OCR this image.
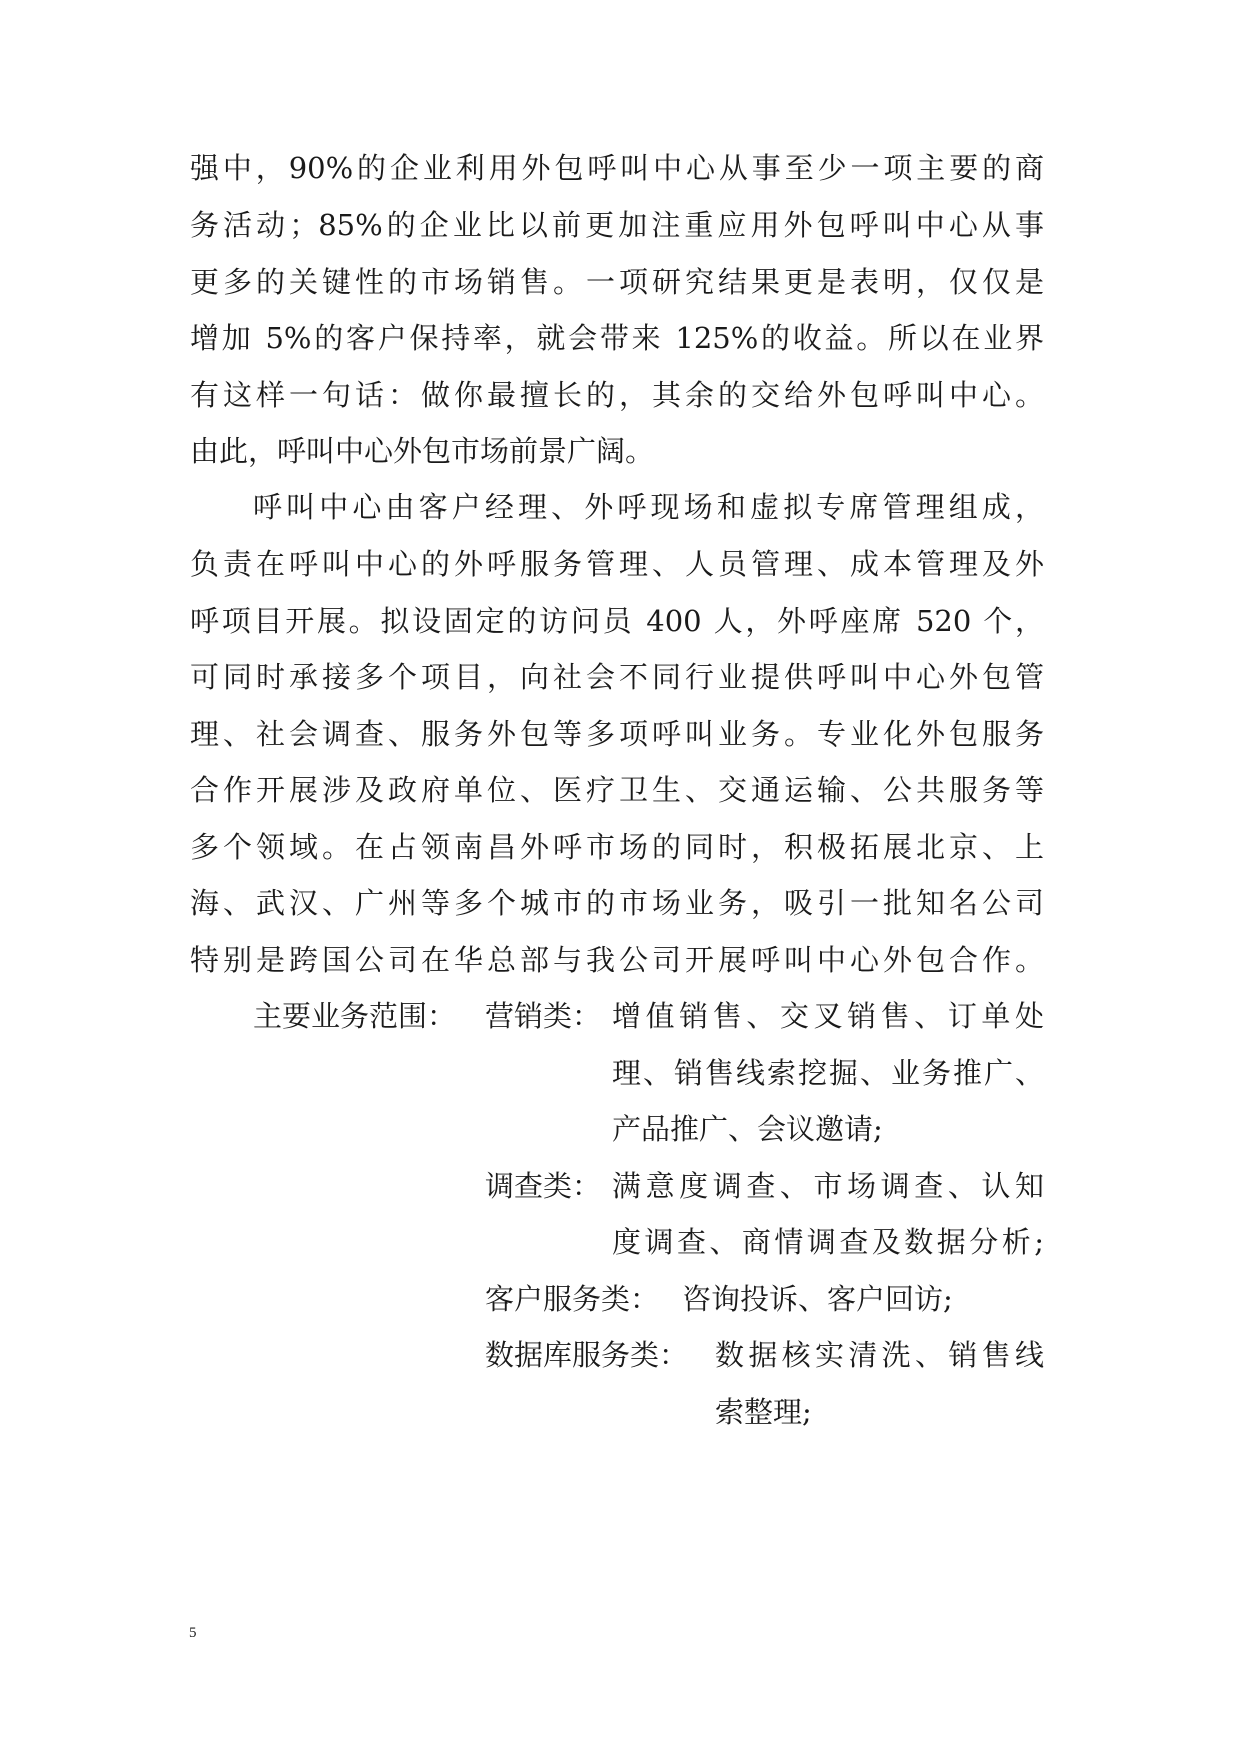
强中，90%的企业利用外包呼叫中心从事至少一项主要的商
务活动；85%的企业比以前更加注重应用外包呼叫中心从事
更多的关键性的市场销售。一项研究结果更是表明，仅仅是
增加 5%的客户保持率，就会带来 125%的收益。所以在业界
有这样一句话：做你最擅长的，其余的交给外包呼叫中心。
由此，呼叫中心外包市场前景广阔。
呼叫中心由客户经理、外呼现场和虚拟专席管理组成，
负责在呼叫中心的外呼服务管理、人员管理、成本管理及外
呼项目开展。拟设固定的访问员 400 人，外呼座席 520 个，
可同时承接多个项目，向社会不同行业提供呼叫中心外包管
理、社会调查、服务外包等多项呼叫业务。专业化外包服务
合作开展涉及政府单位、医疗卫生、交通运输、公共服务等
多个领域。在占领南昌外呼市场的同时，积极拓展北京、上
海、武汉、广州等多个城市的市场业务，吸引一批知名公司
特别是跨国公司在华总部与我公司开展呼叫中心外包合作。
主要业务范围： 营销类： 增值销售、交叉销售、订单处
理、销售线索挖掘、业务推广、
产品推广、会议邀请;
调查类： 满意度调查、市场调查、认知
度调查、商情调查及数据分析;
客户服务类： 咨询投诉、客户回访;
数据库服务类： 数据核实清洗、销售线
索整理;
5
